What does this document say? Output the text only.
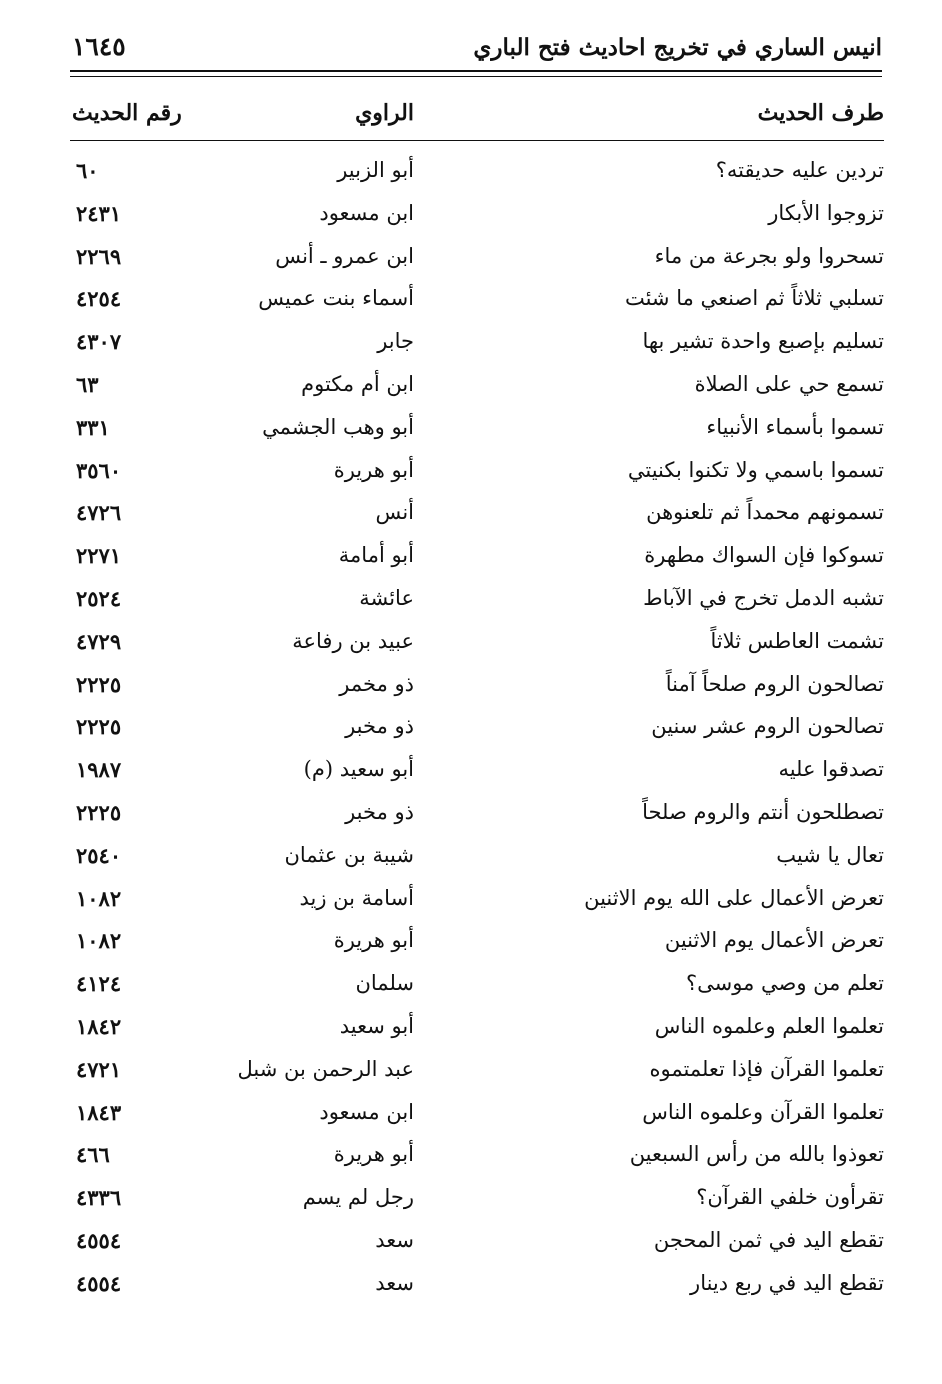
انيس الساري في تخريج احاديث فتح الباري
١٦٤٥
طرف الحديث
الراوي
رقم الحديث
تردين عليه حديقته؟
أبو الزبير
٦٠
تزوجوا الأبكار
ابن مسعود
٢٤٣١
تسحروا ولو بجرعة من ماء
ابن عمرو ـ أنس
٢٢٦٩
تسلبي ثلاثاً ثم اصنعي ما شئت
أسماء بنت عميس
٤٢٥٤
تسليم بإصبع واحدة تشير بها
جابر
٤٣٠٧
تسمع حي على الصلاة
ابن أم مكتوم
٦٣
تسموا بأسماء الأنبياء
أبو وهب الجشمي
٣٣١
تسموا باسمي ولا تكنوا بكنيتي
أبو هريرة
٣٥٦٠
تسمونهم محمداً ثم تلعنوهن
أنس
٤٧٢٦
تسوكوا فإن السواك مطهرة
أبو أمامة
٢٢٧١
تشبه الدمل تخرج في الآباط
عائشة
٢٥٢٤
تشمت العاطس ثلاثاً
عبيد بن رفاعة
٤٧٢٩
تصالحون الروم صلحاً آمناً
ذو مخمر
٢٢٢٥
تصالحون الروم عشر سنين
ذو مخبر
٢٢٢٥
تصدقوا عليه
أبو سعيد (م)
١٩٨٧
تصطلحون أنتم والروم صلحاً
ذو مخبر
٢٢٢٥
تعال يا شيب
شيبة بن عثمان
٢٥٤٠
تعرض الأعمال على الله يوم الاثنين
أسامة بن زيد
١٠٨٢
تعرض الأعمال يوم الاثنين
أبو هريرة
١٠٨٢
تعلم من وصي موسى؟
سلمان
٤١٢٤
تعلموا العلم وعلموه الناس
أبو سعيد
١٨٤٢
تعلموا القرآن فإذا تعلمتموه
عبد الرحمن بن شبل
٤٧٢١
تعلموا القرآن وعلموه الناس
ابن مسعود
١٨٤٣
تعوذوا بالله من رأس السبعين
أبو هريرة
٤٦٦
تقرأون خلفي القرآن؟
رجل لم يسم
٤٣٣٦
تقطع اليد في ثمن المحجن
سعد
٤٥٥٤
تقطع اليد في ربع دينار
سعد
٤٥٥٤
